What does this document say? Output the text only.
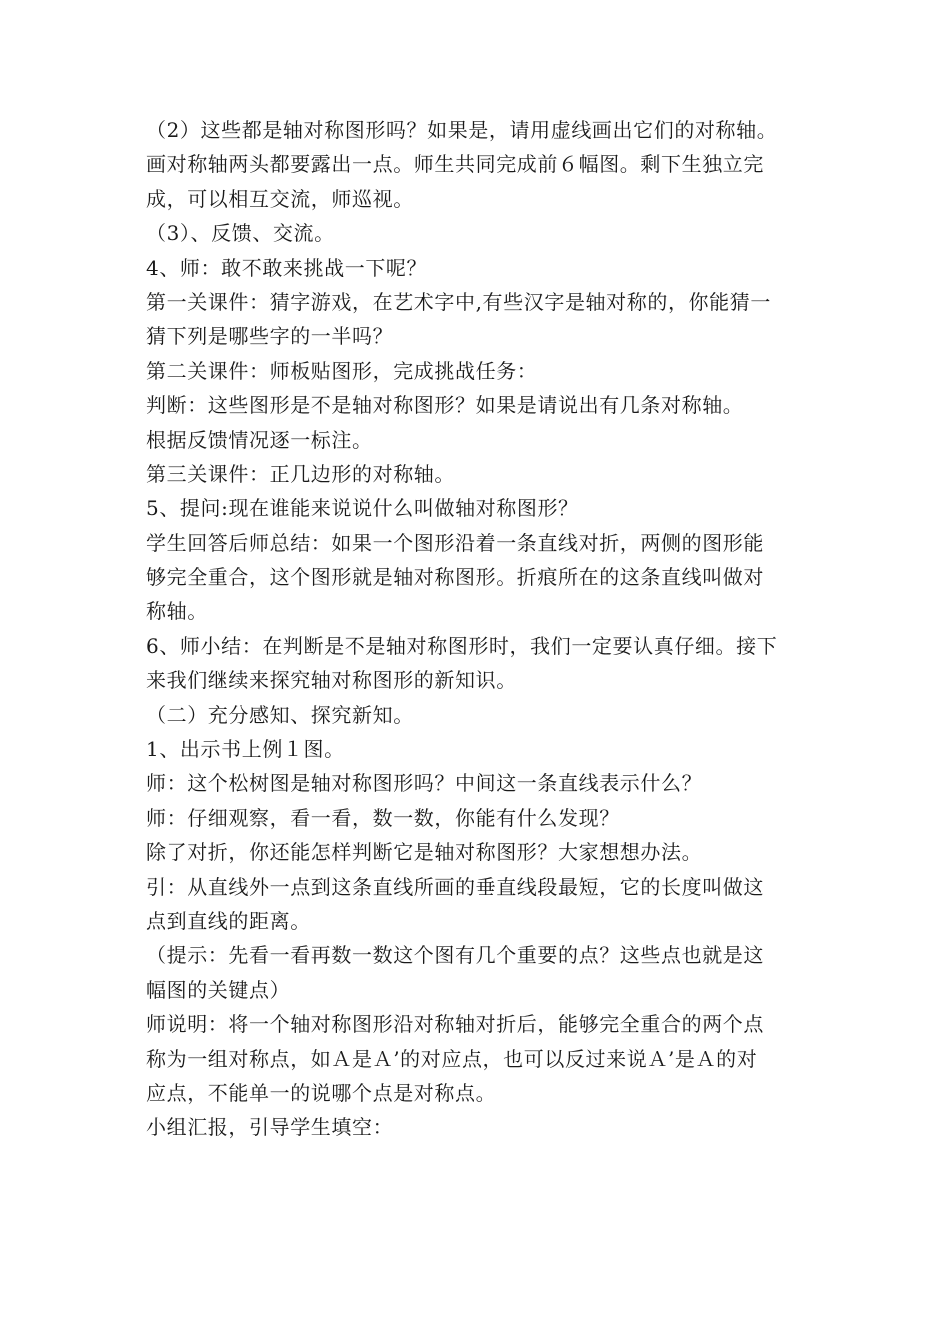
（2）这些都是轴对称图形吗？如果是，请用虚线画出它们的对称轴。
画对称轴两头都要露出一点。师生共同完成前６幅图。剩下生独立完
成，可以相互交流，师巡视。
（3）、反馈、交流。
4、师：敢不敢来挑战一下呢？
第一关课件：猜字游戏，在艺术字中,有些汉字是轴对称的，你能猜一
猜下列是哪些字的一半吗？
第二关课件：师板贴图形，完成挑战任务：
判断：这些图形是不是轴对称图形？如果是请说出有几条对称轴。
根据反馈情况逐一标注。
第三关课件：正几边形的对称轴。
5、提问:现在谁能来说说什么叫做轴对称图形？
学生回答后师总结：如果一个图形沿着一条直线对折，两侧的图形能
够完全重合，这个图形就是轴对称图形。折痕所在的这条直线叫做对
称轴。
6、师小结：在判断是不是轴对称图形时，我们一定要认真仔细。接下
来我们继续来探究轴对称图形的新知识。
（二）充分感知、探究新知。
1、出示书上例１图。
师：这个松树图是轴对称图形吗？中间这一条直线表示什么？
师：仔细观察，看一看，数一数，你能有什么发现？
除了对折，你还能怎样判断它是轴对称图形？大家想想办法。
引：从直线外一点到这条直线所画的垂直线段最短，它的长度叫做这
点到直线的距离。
（提示：先看一看再数一数这个图有几个重要的点？这些点也就是这
幅图的关键点）
师说明：将一个轴对称图形沿对称轴对折后，能够完全重合的两个点
称为一组对称点，如Ａ是Ａ’的对应点，也可以反过来说Ａ’是Ａ的对
应点，不能单一的说哪个点是对称点。
小组汇报，引导学生填空：
